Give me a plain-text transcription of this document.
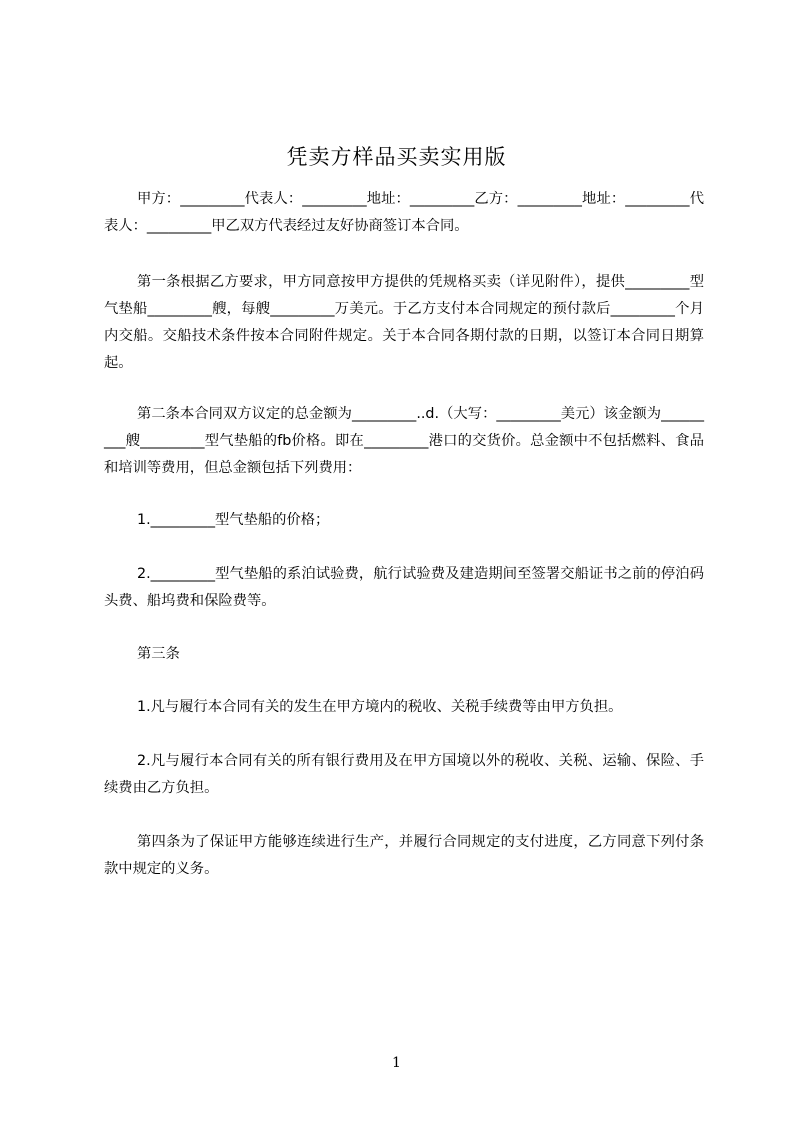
凭卖方样品买卖实用版

甲方：_________代表人：_________地址：_________乙方：_________地址：_________代表人：_________甲乙双方代表经过友好协商签订本合同。

第一条根据乙方要求，甲方同意按甲方提供的凭规格买卖（详见附件），提供_________型气垫船_________艘，每艘_________万美元。于乙方支付本合同规定的预付款后_________个月内交船。交船技术条件按本合同附件规定。关于本合同各期付款的日期，以签订本合同日期算起。

第二条本合同双方议定的总金额为_________..d.（大写：_________美元）该金额为_________艘_________型气垫船的fb价格。即在_________港口的交货价。总金额中不包括燃料、食品和培训等费用，但总金额包括下列费用：

1._________型气垫船的价格；

2._________型气垫船的系泊试验费，航行试验费及建造期间至签署交船证书之前的停泊码头费、船坞费和保险费等。

第三条

1.凡与履行本合同有关的发生在甲方境内的税收、关税手续费等由甲方负担。

2.凡与履行本合同有关的所有银行费用及在甲方国境以外的税收、关税、运输、保险、手续费由乙方负担。

第四条为了保证甲方能够连续进行生产，并履行合同规定的支付进度，乙方同意下列付条款中规定的义务。

1
